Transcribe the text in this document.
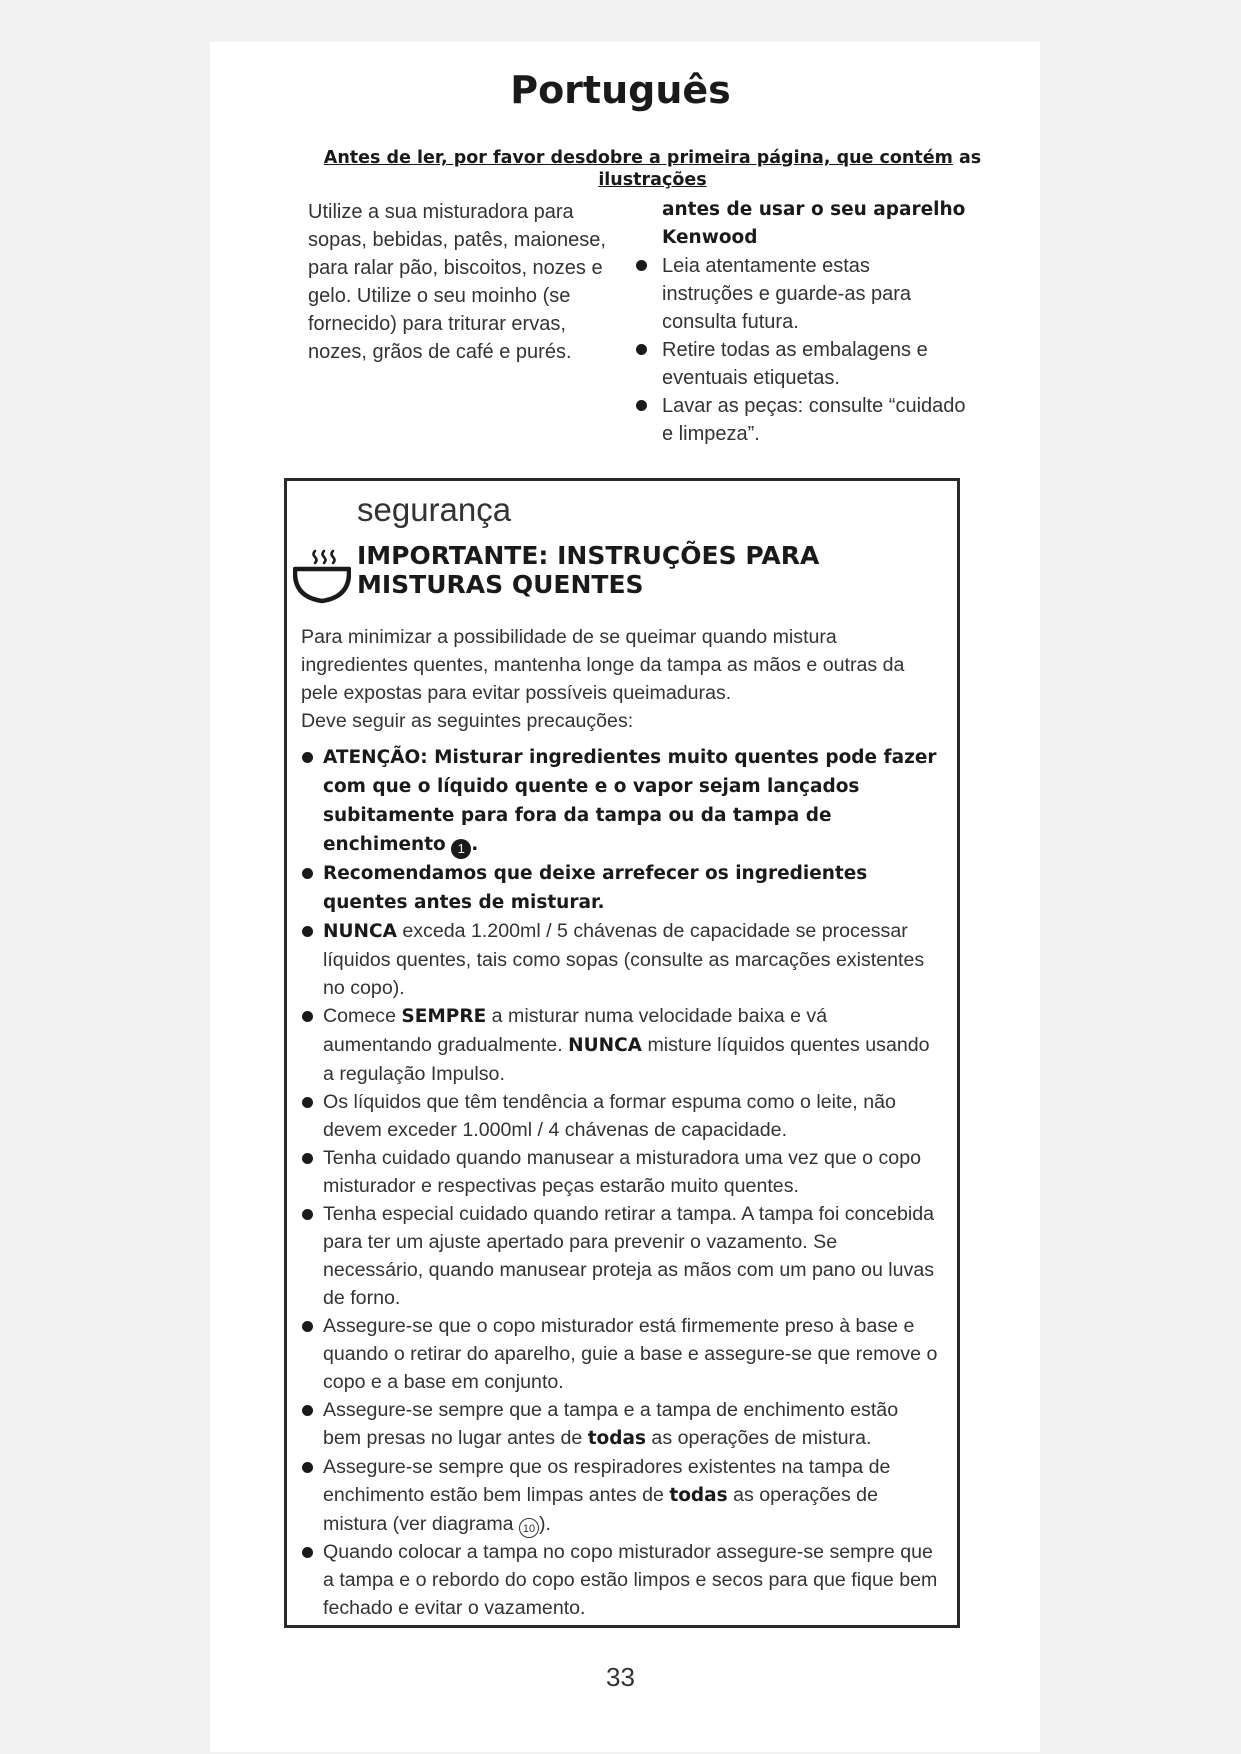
Português
Antes de ler, por favor desdobre a primeira página, que contém as
ilustrações
Utilize a sua misturadora para sopas, bebidas, patês, maionese, para ralar pão, biscoitos, nozes e gelo. Utilize o seu moinho (se fornecido) para triturar ervas, nozes, grãos de café e purés.
antes de usar o seu aparelho Kenwood
Leia atentamente estas instruções e guarde-as para consulta futura.
Retire todas as embalagens e eventuais etiquetas.
Lavar as peças: consulte “cuidado e limpeza”.
segurança
IMPORTANTE: INSTRUÇÕES PARA MISTURAS QUENTES

Para minimizar a possibilidade de se queimar quando mistura ingredientes quentes, mantenha longe da tampa as mãos e outras da pele expostas para evitar possíveis queimaduras.

Deve seguir as seguintes precauções:

ATENÇÃO: Misturar ingredientes muito quentes pode fazer com que o líquido quente e o vapor sejam lançados subitamente para fora da tampa ou da tampa de enchimento 1 .
Recomendamos que deixe arrefecer os ingredientes quentes antes de misturar.
NUNCA exceda 1.200ml / 5 chávenas de capacidade se processar líquidos quentes, tais como sopas (consulte as marcações existentes no copo).
Comece SEMPRE a misturar numa velocidade baixa e vá aumentando gradualmente. NUNCA misture líquidos quentes usando a regulação Impulso.
Os líquidos que têm tendência a formar espuma como o leite, não devem exceder 1.000ml / 4 chávenas de capacidade.
Tenha cuidado quando manusear a misturadora uma vez que o copo misturador e respectivas peças estarão muito quentes.
Tenha especial cuidado quando retirar a tampa. A tampa foi concebida para ter um ajuste apertado para prevenir o vazamento. Se necessário, quando manusear proteja as mãos com um pano ou luvas de forno.
Assegure-se que o copo misturador está firmemente preso à base e quando o retirar do aparelho, guie a base e assegure-se que remove o copo e a base em conjunto.
Assegure-se sempre que a tampa e a tampa de enchimento estão bem presas no lugar antes de todas as operações de mistura.
Assegure-se sempre que os respiradores existentes na tampa de enchimento estão bem limpas antes de todas as operações de mistura (ver diagrama 10 ).
Quando colocar a tampa no copo misturador assegure-se sempre que a tampa e o rebordo do copo estão limpos e secos para que fique bem fechado e evitar o vazamento.
33
